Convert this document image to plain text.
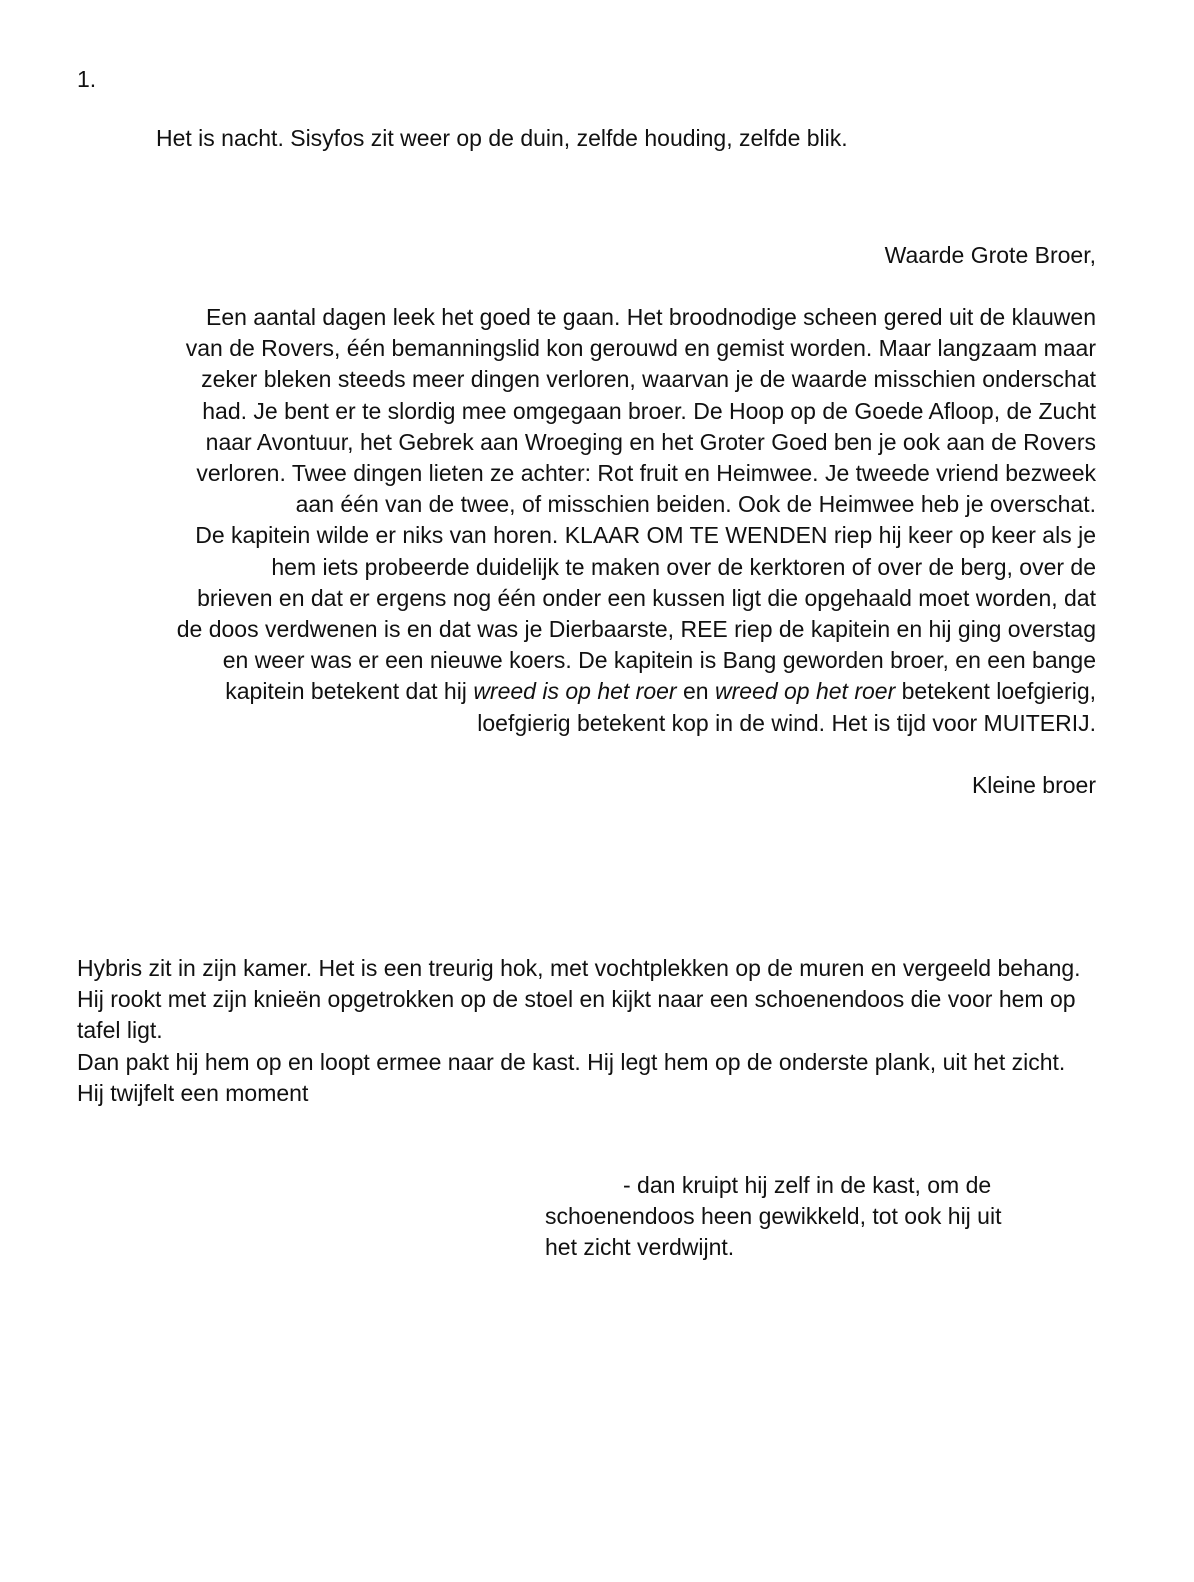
1.
Het is nacht. Sisyfos zit weer op de duin, zelfde houding, zelfde blik.
Waarde Grote Broer,
Een aantal dagen leek het goed te gaan. Het broodnodige scheen gered uit de klauwen
van de Rovers, één bemanningslid kon gerouwd en gemist worden. Maar langzaam maar
zeker bleken steeds meer dingen verloren, waarvan je de waarde misschien onderschat
had. Je bent er te slordig mee omgegaan broer. De Hoop op de Goede Afloop, de Zucht
naar Avontuur, het Gebrek aan Wroeging en het Groter Goed ben je ook aan de Rovers
verloren. Twee dingen lieten ze achter: Rot fruit en Heimwee. Je tweede vriend bezweek
aan één van de twee, of misschien beiden. Ook de Heimwee heb je overschat.
De kapitein wilde er niks van horen. KLAAR OM TE WENDEN riep hij keer op keer als je
hem iets probeerde duidelijk te maken over de kerktoren of over de berg, over de
brieven en dat er ergens nog één onder een kussen ligt die opgehaald moet worden, dat
de doos verdwenen is en dat was je Dierbaarste, REE riep de kapitein en hij ging overstag
en weer was er een nieuwe koers. De kapitein is Bang geworden broer, en een bange
kapitein betekent dat hij wreed is op het roer en wreed op het roer betekent loefgierig,
loefgierig betekent kop in de wind. Het is tijd voor MUITERIJ.
Kleine broer

Hybris zit in zijn kamer. Het is een treurig hok, met vochtplekken op de muren en vergeeld behang.

Hij rookt met zijn knieën opgetrokken op de stoel en kijkt naar een schoenendoos die voor hem op tafel ligt.

Dan pakt hij hem op en loopt ermee naar de kast. Hij legt hem op de onderste plank, uit het zicht. Hij twijfelt een moment

- dan kruipt hij zelf in de kast, om de
schoenendoos heen gewikkeld, tot ook hij uit
het zicht verdwijnt.
